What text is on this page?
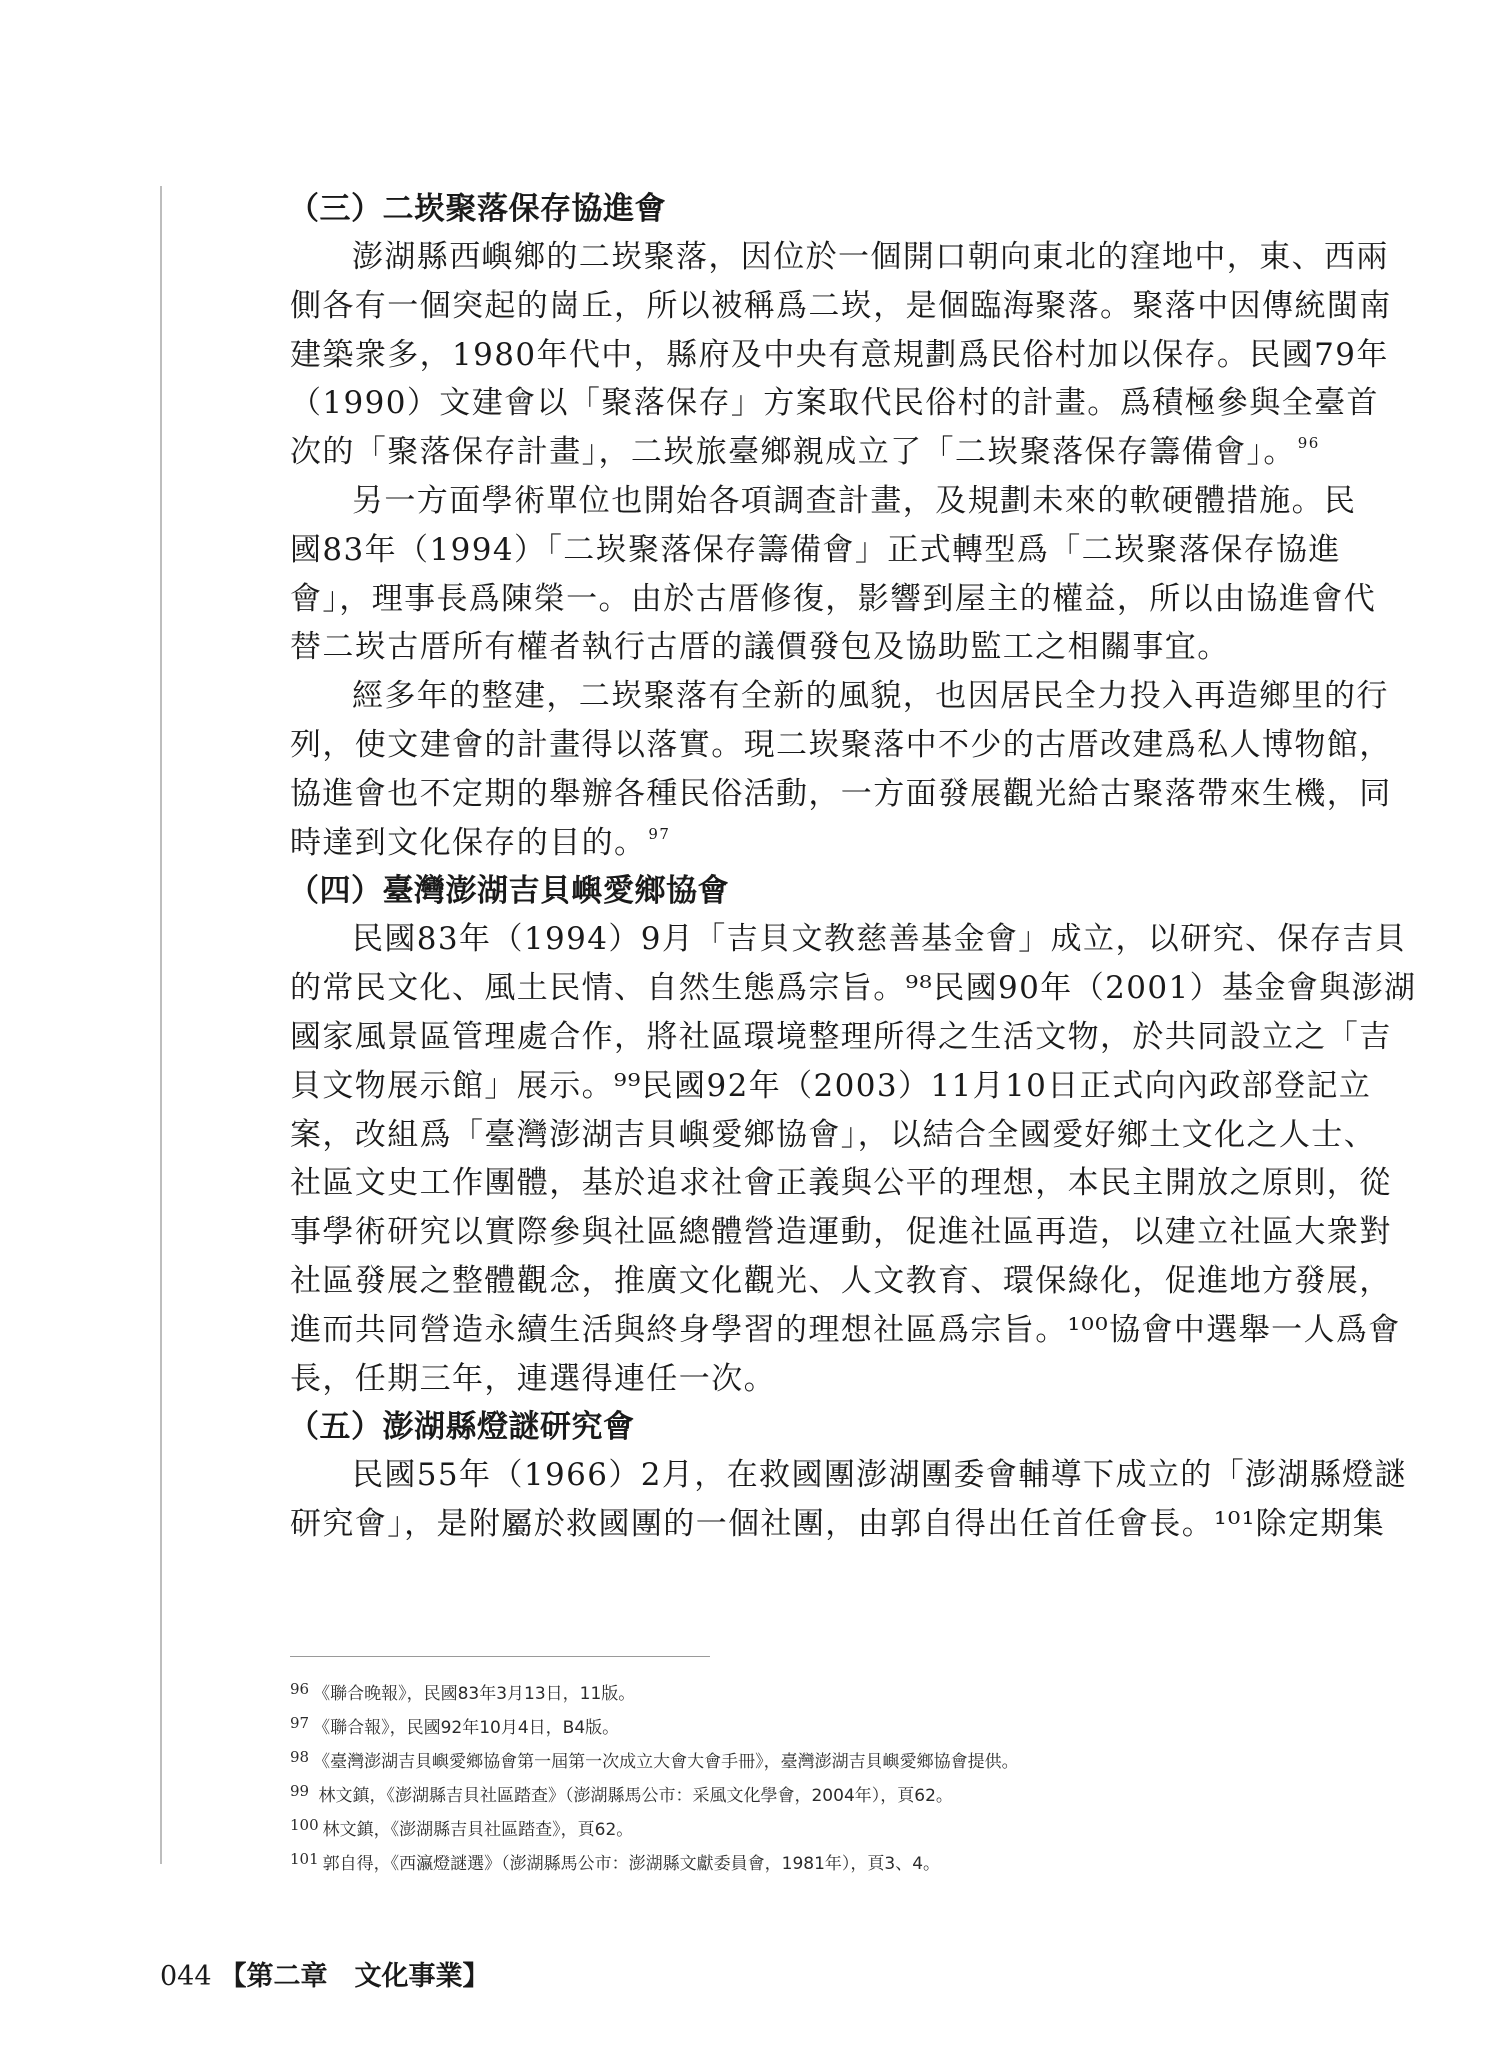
（三）二崁聚落保存協進會
澎湖縣西嶼鄉的二崁聚落，因位於一個開口朝向東北的窪地中，東、西兩
側各有一個突起的崗丘，所以被稱爲二崁，是個臨海聚落。聚落中因傳統閩南
建築衆多，1980年代中，縣府及中央有意規劃爲民俗村加以保存。民國79年
（1990）文建會以「聚落保存」方案取代民俗村的計畫。爲積極參與全臺首
次的「聚落保存計畫」，二崁旅臺鄉親成立了「二崁聚落保存籌備會」。 $^{96}$
另一方面學術單位也開始各項調查計畫，及規劃未來的軟硬體措施。民
國83年（1994）「二崁聚落保存籌備會」正式轉型爲「二崁聚落保存協進
會」，理事長爲陳榮一。由於古厝修復，影響到屋主的權益，所以由協進會代
替二崁古厝所有權者執行古厝的議價發包及協助監工之相關事宜。
經多年的整建，二崁聚落有全新的風貌，也因居民全力投入再造鄉里的行
列，使文建會的計畫得以落實。現二崁聚落中不少的古厝改建爲私人博物館，
協進會也不定期的舉辦各種民俗活動，一方面發展觀光給古聚落帶來生機，同
時達到文化保存的目的。 $^{97}$
（四）臺灣澎湖吉貝嶼愛鄉協會
民國83年（1994）9月「吉貝文教慈善基金會」成立，以研究、保存吉貝
的常民文化、風土民情、自然生態爲宗旨。⁹⁸民國90年（2001）基金會與澎湖
國家風景區管理處合作，將社區環境整理所得之生活文物，於共同設立之「吉
貝文物展示館」展示。⁹⁹民國92年（2003）11月10日正式向內政部登記立
案，改組爲「臺灣澎湖吉貝嶼愛鄉協會」，以結合全國愛好鄉土文化之人士、
社區文史工作團體，基於追求社會正義與公平的理想，本民主開放之原則，從
事學術研究以實際參與社區總體營造運動，促進社區再造，以建立社區大衆對
社區發展之整體觀念，推廣文化觀光、人文教育、環保綠化，促進地方發展，
進而共同營造永續生活與終身學習的理想社區爲宗旨。¹⁰⁰協會中選舉一人爲會
長，任期三年，連選得連任一次。
（五）澎湖縣燈謎研究會
民國55年（1966）2月，在救國團澎湖團委會輔導下成立的「澎湖縣燈謎
研究會」，是附屬於救國團的一個社團，由郭自得出任首任會長。¹⁰¹除定期集
96 《聯合晚報》，民國83年3月13日，11版。
97 《聯合報》，民國92年10月4日，B4版。
98 《臺灣澎湖吉貝嶼愛鄉協會第一屆第一次成立大會大會手冊》，臺灣澎湖吉貝嶼愛鄉協會提供。
99 林文鎮，《澎湖縣吉貝社區踏查》（澎湖縣馬公市：采風文化學會，2004年），頁62。
100 林文鎮，《澎湖縣吉貝社區踏查》，頁62。
101 郭自得，《西瀛燈謎選》（澎湖縣馬公市：澎湖縣文獻委員會，1981年），頁3、4。
044 【第二章　文化事業】
